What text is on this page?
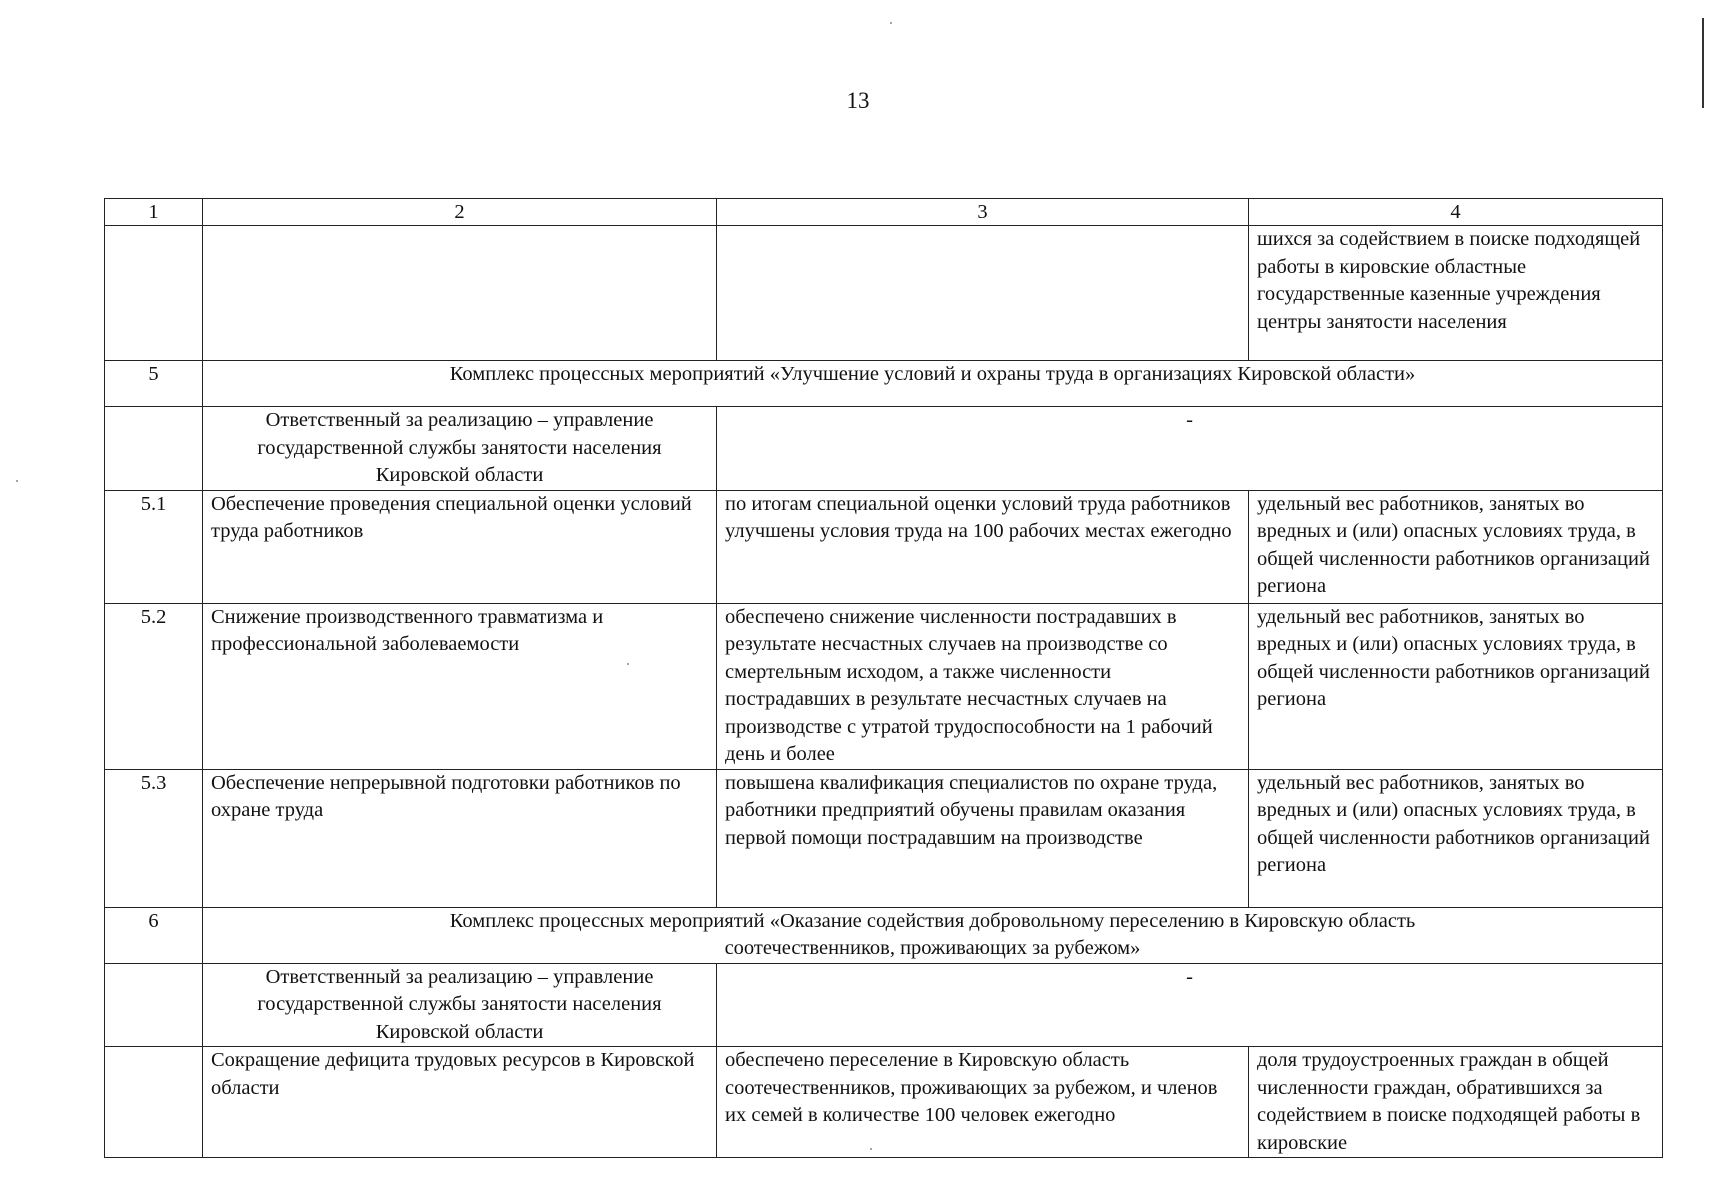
13
1	2	3	4
			шихся за содействием в поиске подходящей работы в кировские областные государственные казенные учреждения центры занятости населения
5	Комплекс процессных мероприятий «Улучшение условий и охраны труда в организациях Кировской области»		
	Ответственный за реализацию – управление государственной службы занятости населения Кировской области	-	
5.1	Обеспечение проведения специальной оценки условий труда работников	по итогам специальной оценки условий труда работников улучшены условия труда на 100 рабочих местах ежегодно	удельный вес работников, занятых во вредных и (или) опасных условиях труда, в общей численности работников организаций региона
5.2	Снижение производственного травматизма и профессиональной заболеваемости	обеспечено снижение численности пострадавших в результате несчастных случаев на производстве со смертельным исходом, а также численности пострадавших в результате несчастных случаев на производстве с утратой трудоспособности на 1 рабочий день и более	удельный вес работников, занятых во вредных и (или) опасных условиях труда, в общей численности работников организаций региона
5.3	Обеспечение непрерывной подготовки работников по охране труда	повышена квалификация специалистов по охране труда, работники предприятий обучены правилам оказания первой помощи пострадавшим на производстве	удельный вес работников, занятых во вредных и (или) опасных условиях труда, в общей численности работников организаций региона
6	Комплекс процессных мероприятий «Оказание содействия добровольному переселению в Кировскую область соотечественников, проживающих за рубежом»		
	Ответственный за реализацию – управление государственной службы занятости населения Кировской области	-	
	Сокращение дефицита трудовых ресурсов в Кировской области	обеспечено переселение в Кировскую область соотечественников, проживающих за рубежом, и членов их семей в количестве 100 человек ежегодно	доля трудоустроенных граждан в общей численности граждан, обратившихся за содействием в поиске подходящей работы в кировские
